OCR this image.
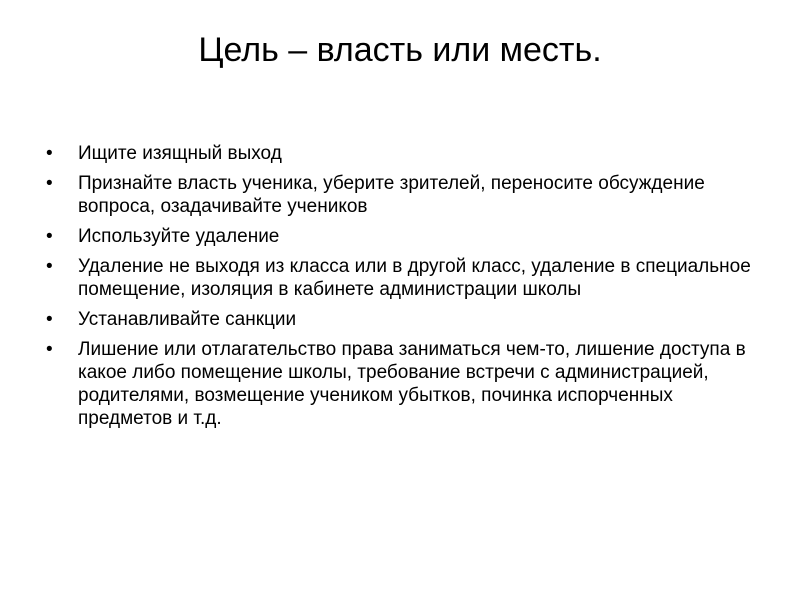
Цель – власть или месть.
• Ищите изящный выход
• Признайте власть ученика, уберите зрителей, переносите обсуждение вопроса, озадачивайте учеников
• Используйте удаление
• Удаление не выходя из класса или в другой класс, удаление в специальное помещение, изоляция в кабинете администрации школы
• Устанавливайте санкции
• Лишение или отлагательство права заниматься чем-то, лишение доступа в какое либо помещение школы, требование встречи с администрацией, родителями, возмещение учеником убытков, починка испорченных предметов и т.д.
